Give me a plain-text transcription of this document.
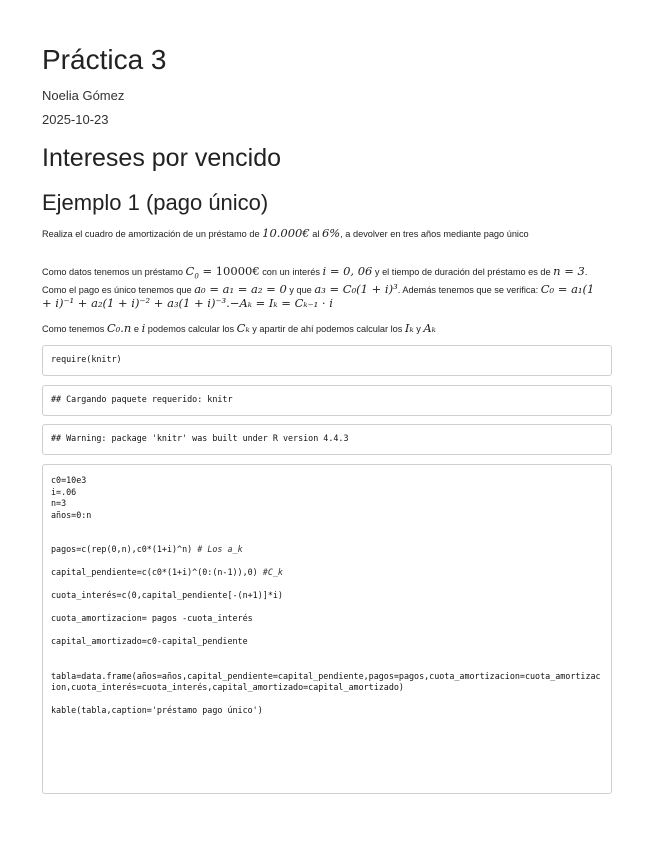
Práctica 3
Noelia Gómez
2025-10-23
Intereses por vencido
Ejemplo 1 (pago único)

Realiza el cuadro de amortización de un préstamo de 10.000€ al 6%, a devolver en tres años mediante pago único

Como datos tenemos un préstamo $C_0$ = 10000€ con un interés i = 0, 06 y el tiempo de duración del préstamo es de n = 3. Como el pago es único tenemos que a₀ = a₁ = a₂ = 0 y que a₃ = C₀(1 + i)³. Además tenemos que se verifica: C₀ = a₁(1 + i)⁻¹ + a₂(1 + i)⁻² + a₃(1 + i)⁻³.−Aₖ = Iₖ = Cₖ₋₁ · i

Como tenemos C₀.n e i podemos calcular los Cₖ y apartir de ahí podemos calcular los Iₖ y Aₖ

require(knitr)
## Cargando paquete requerido: knitr
## Warning: package 'knitr' was built under R version 4.4.3
c0=10e3
i=.06
n=3
años=0:n
pagos=c(rep(0,n),c0*(1+i)^n) # Los a_k
capital_pendiente=c(c0*(1+i)^(0:(n-1)),0) #C_k
cuota_interés=c(0,capital_pendiente[-(n+1)]*i)
cuota_amortizacion= pagos -cuota_interés
capital_amortizado=c0-capital_pendiente
tabla=data.frame(años=años,capital_pendiente=capital_pendiente,pagos=pagos,cuota_amortizacion=cuota_amortizacion,cuota_interés=cuota_interés,capital_amortizado=capital_amortizado)
kable(tabla,caption='préstamo pago único')
